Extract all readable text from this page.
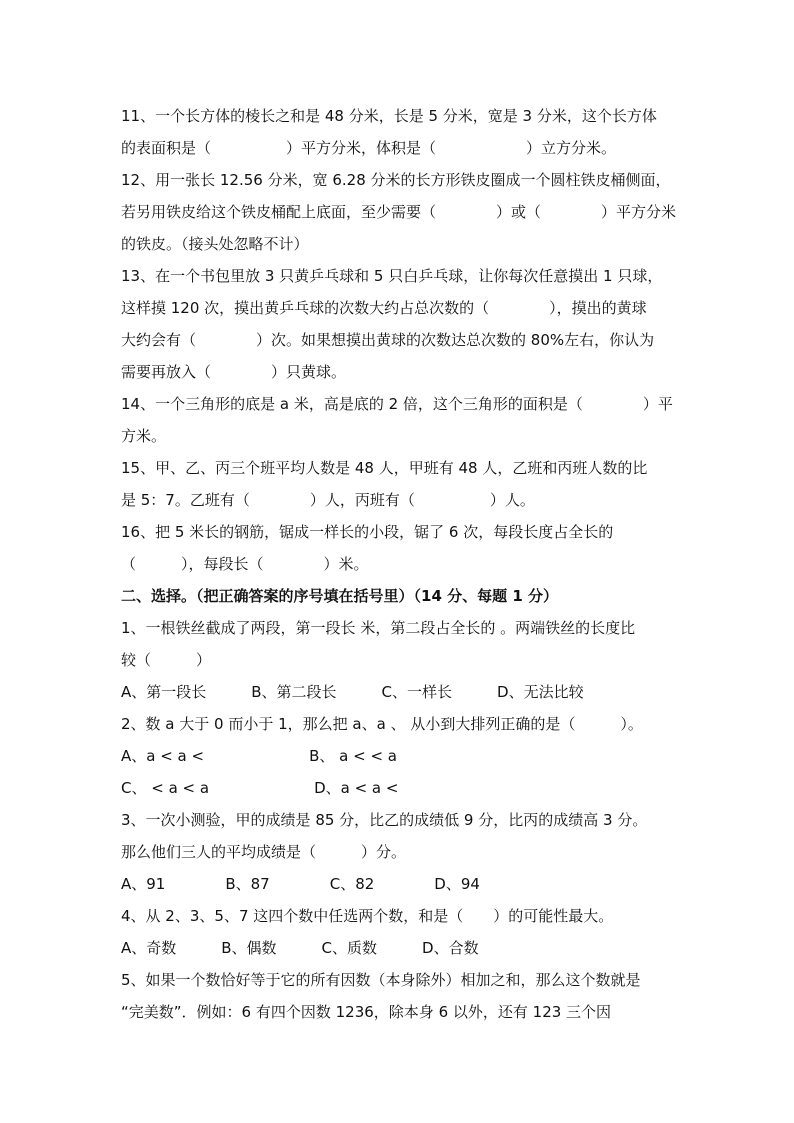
11、一个长方体的棱长之和是 48 分米，长是 5 分米，宽是 3 分米，这个长方体
的表面积是（　　　　　）平方分米，体积是（　　　　　　）立方分米。
12、用一张长 12.56 分米，宽 6.28 分米的长方形铁皮圈成一个圆柱铁皮桶侧面，
若另用铁皮给这个铁皮桶配上底面，至少需要（　　　　）或（　　　　）平方分米
的铁皮。（接头处忽略不计）
13、在一个书包里放 3 只黄乒乓球和 5 只白乒乓球，让你每次任意摸出 1 只球，
这样摸 120 次，摸出黄乒乓球的次数大约占总次数的（　　　　），摸出的黄球
大约会有（　　　　）次。如果想摸出黄球的次数达总次数的 80%左右，你认为
需要再放入（　　　　）只黄球。
14、一个三角形的底是 a 米，高是底的 2 倍，这个三角形的面积是（　　　　）平
方米。
15、甲、乙、丙三个班平均人数是 48 人，甲班有 48 人，乙班和丙班人数的比
是 5：7。乙班有（　　　　）人，丙班有（　　　　　）人。
16、把 5 米长的钢筋，锯成一样长的小段，锯了 6 次，每段长度占全长的
（　　　），每段长（　　　　）米。
二、选择。（把正确答案的序号填在括号里）（14 分、每题 1 分）
1、一根铁丝截成了两段，第一段长 米，第二段占全长的 。两端铁丝的长度比
较（　　　）
A、第一段长　　　B、第二段长　　　C、一样长　　　D、无法比较
2、数 a 大于 0 而小于 1，那么把 a、a 、 从小到大排列正确的是（　　　）。
A、a < a <　　　　　　　B、 a < < a
C、 < a < a　　　　　　　D、a < a <
3、一次小测验，甲的成绩是 85 分，比乙的成绩低 9 分，比丙的成绩高 3 分。
那么他们三人的平均成绩是（　　　）分。
A、91　　　　B、87　　　　C、82　　　　D、94
4、从 2、3、5、7 这四个数中任选两个数，和是（　　）的可能性最大。
A、奇数　　　B、偶数　　　C、质数　　　D、合数
5、如果一个数恰好等于它的所有因数（本身除外）相加之和，那么这个数就是
“完美数”．例如：6 有四个因数 1236，除本身 6 以外，还有 123 三个因
